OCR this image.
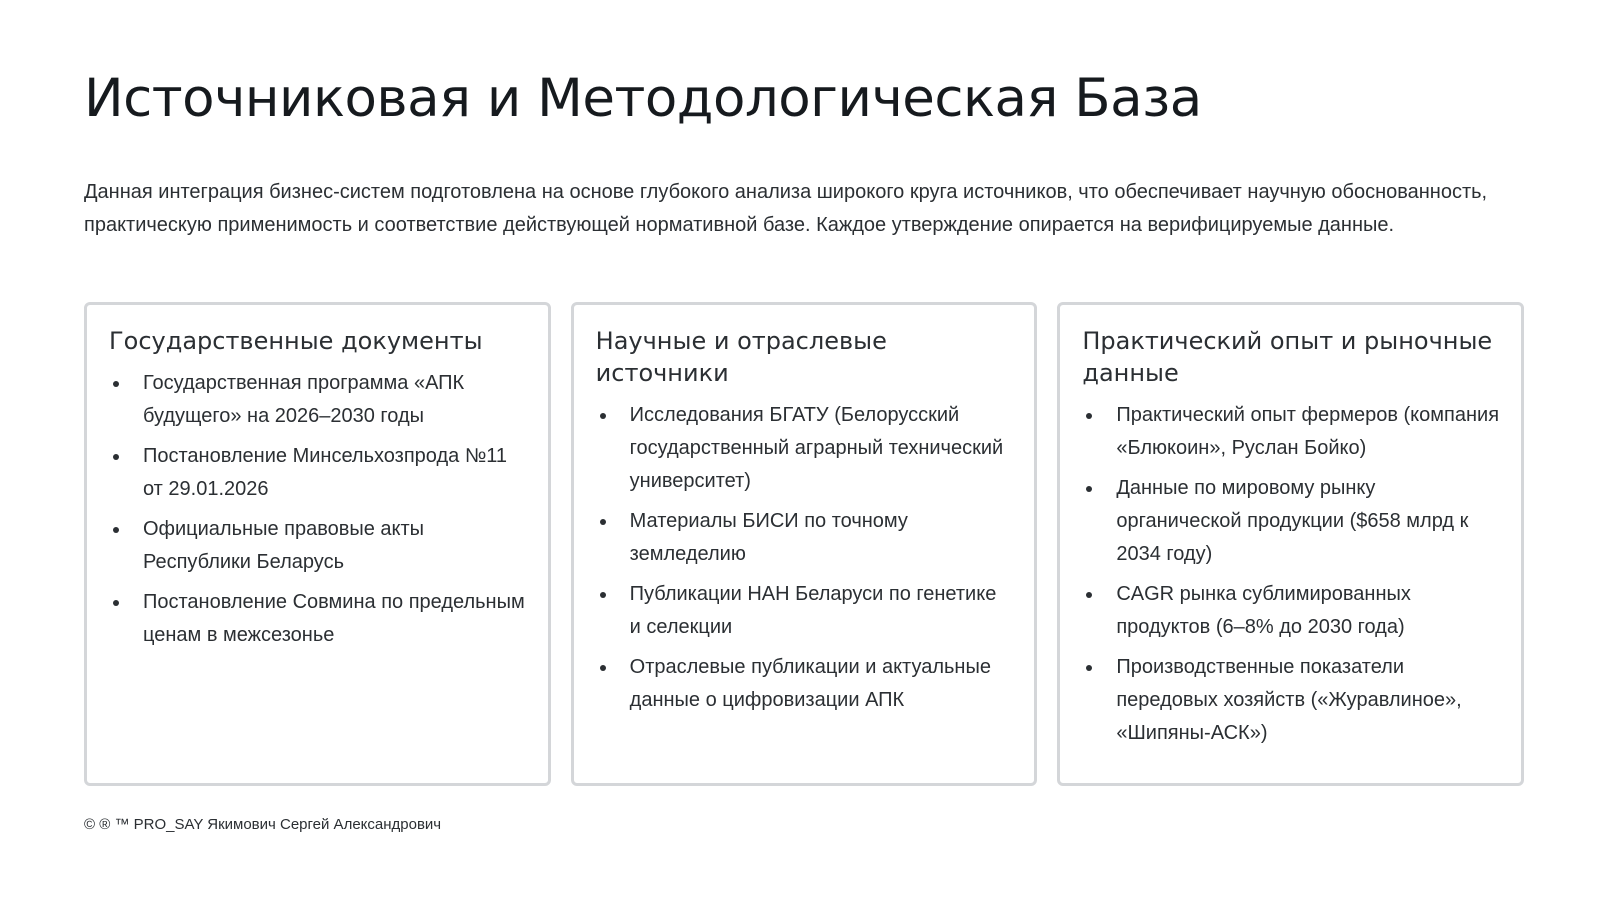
Источниковая и Методологическая База

Данная интеграция бизнес-систем подготовлена на основе глубокого анализа широкого круга источников, что обеспечивает научную обоснованность, практическую применимость и соответствие действующей нормативной базе. Каждое утверждение опирается на верифицируемые данные.

Государственные документы
Государственная программа «АПК будущего» на 2026–2030 годы
Постановление Минсельхозпрода №11 от 29.01.2026
Официальные правовые акты Республики Беларусь
Постановление Совмина по предельным ценам в межсезонье
Научные и отраслевые источники
Исследования БГАТУ (Белорусский государственный аграрный технический университет)
Материалы БИСИ по точному земледелию
Публикации НАН Беларуси по генетике и селекции
Отраслевые публикации и актуальные данные о цифровизации АПК
Практический опыт и рыночные данные
Практический опыт фермеров (компания «Блюкоин», Руслан Бойко)
Данные по мировому рынку органической продукции ($658 млрд к 2034 году)
CAGR рынка сублимированных продуктов (6–8% до 2030 года)
Производственные показатели передовых хозяйств («Журавлиное», «Шипяны-АСК»)

© ® ™ PRO_SAY Якимович Сергей Александрович
